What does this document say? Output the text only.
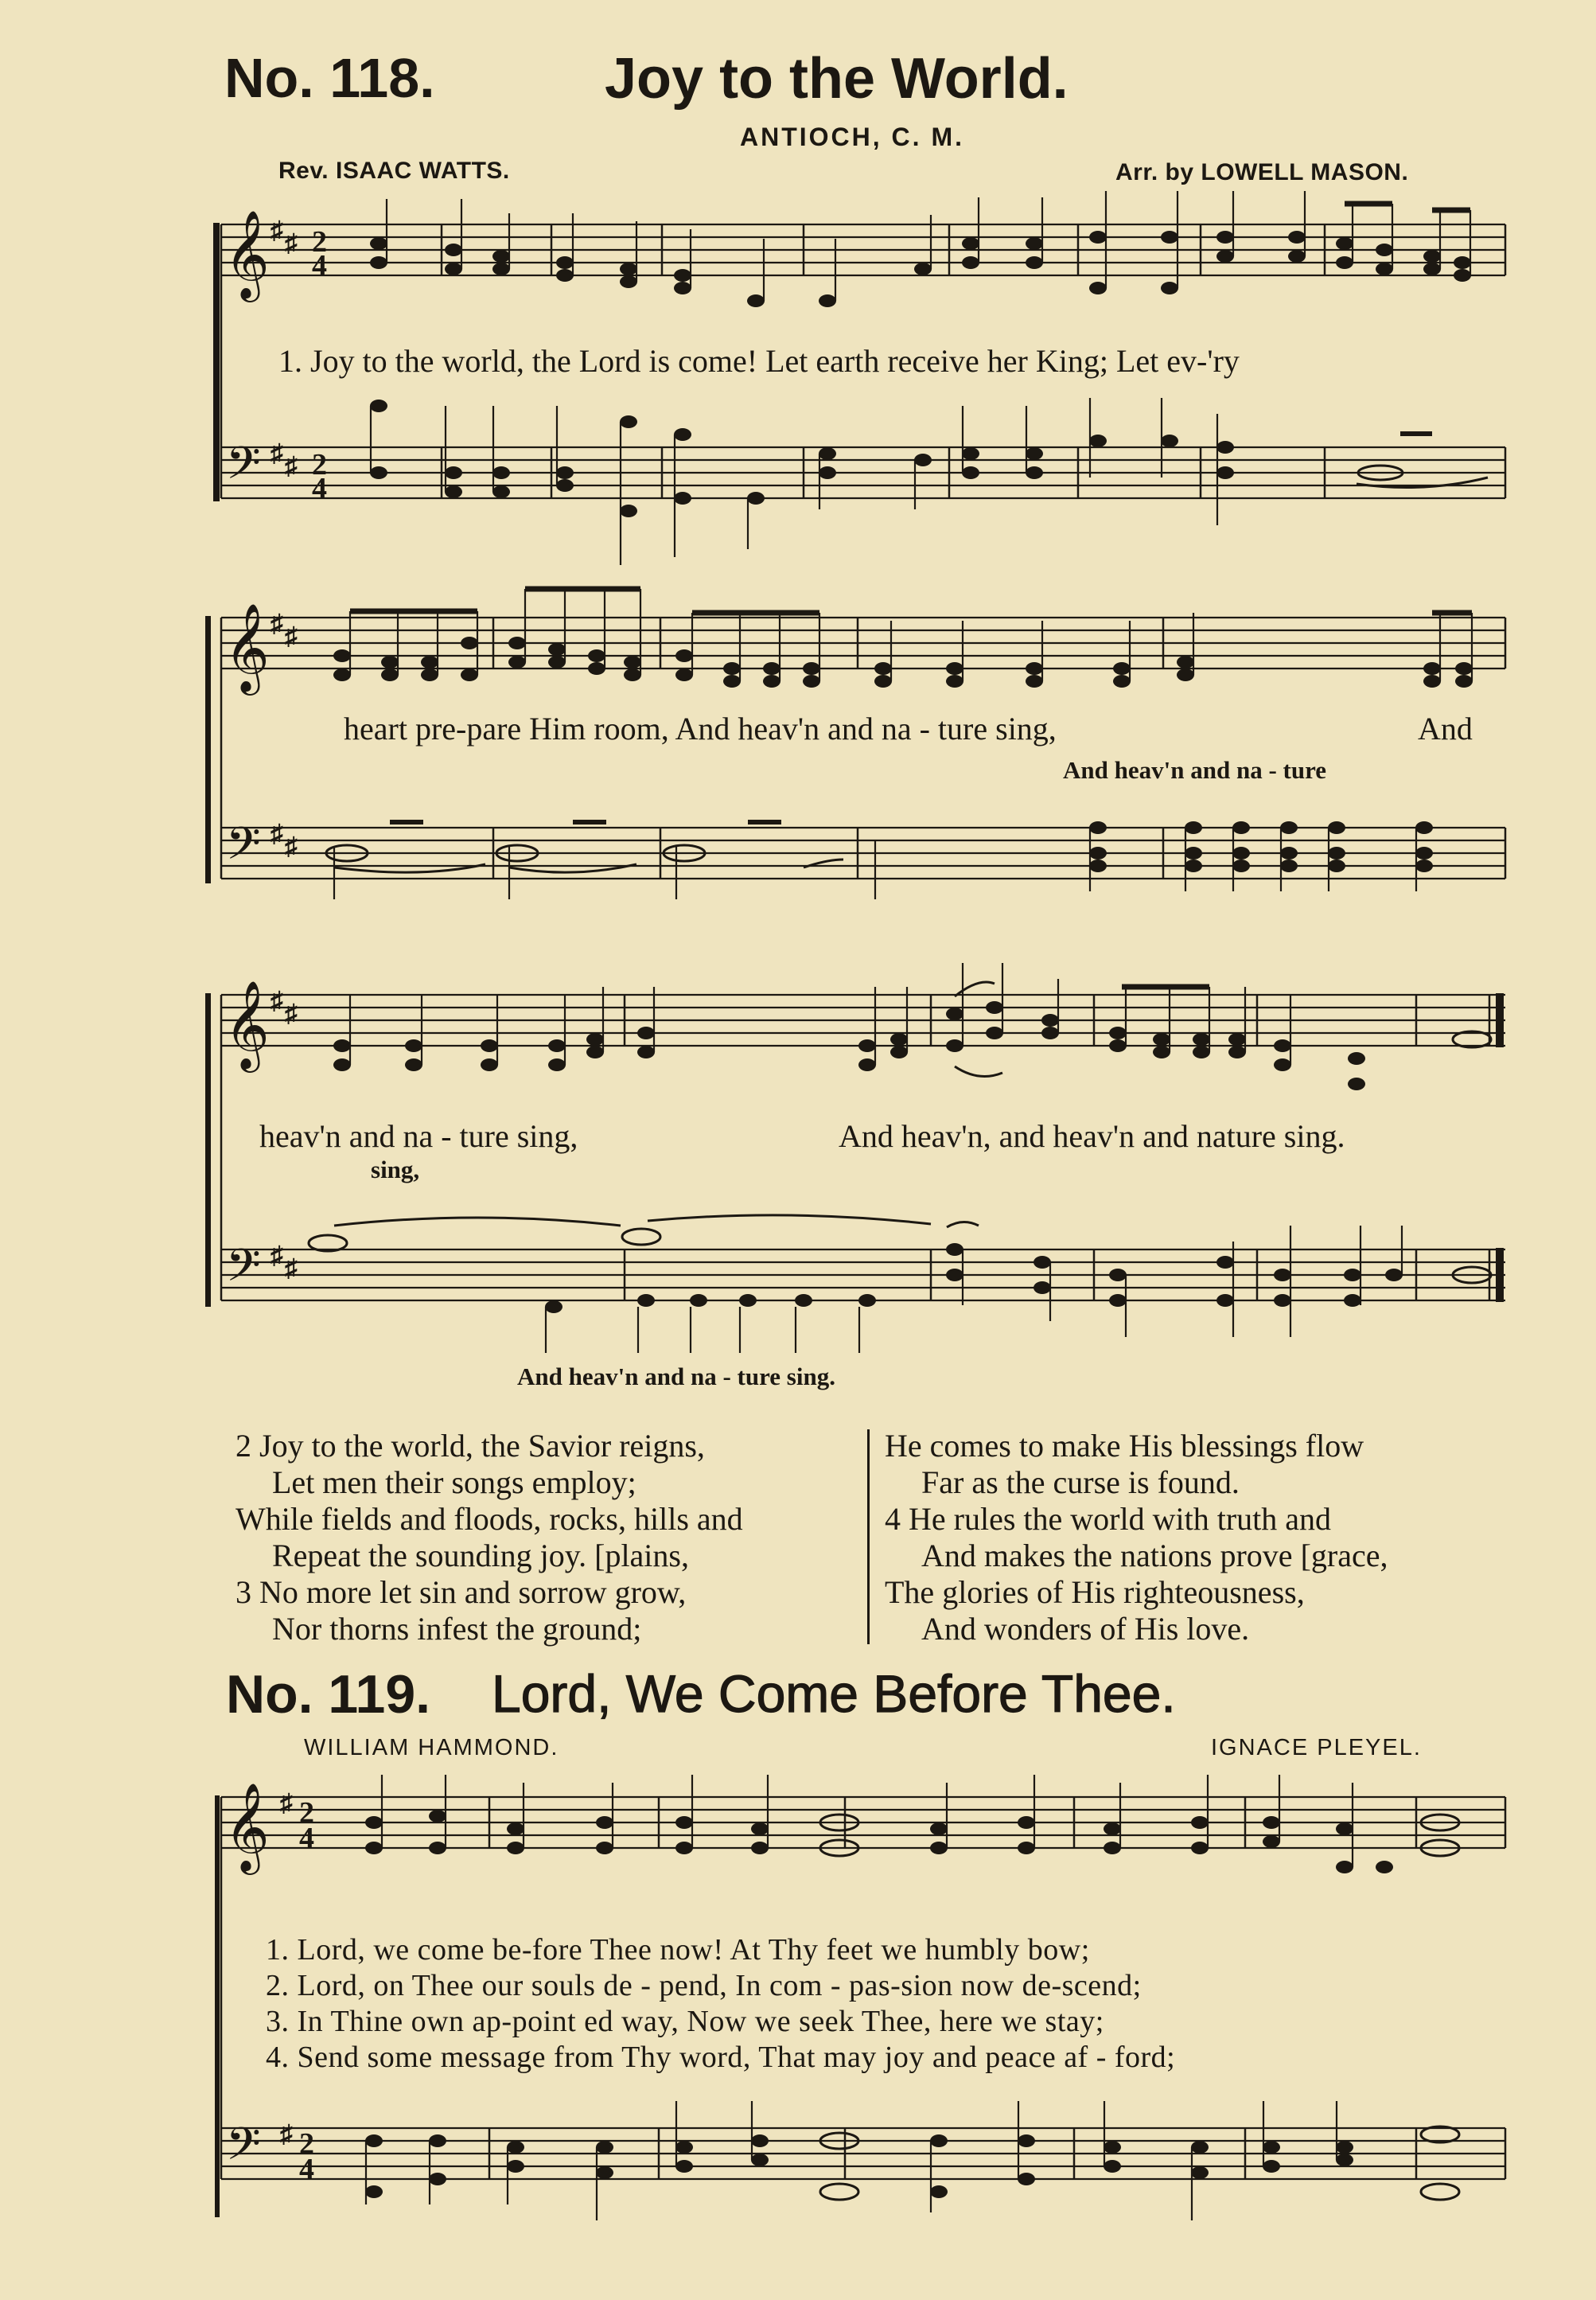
No. 118.	Joy to the World.
ANTIOCH, C. M.
Rev. ISAAC WATTS.	Arr. by LOWELL MASON.
𝄞
𝄢
♯ ♯
♯ ♯
2
4
2
4
1. Joy to the world, the Lord is come! Let earth receive her King; Let ev-'ry
𝄞
𝄢
♯ ♯
♯ ♯
heart pre-pare Him room, And heav'n and na - ture sing,	And
And heav'n and na - ture
𝄞
𝄢
♯ ♯
♯ ♯
heav'n and na - ture sing,
sing,
And heav'n, and heav'n and nature sing.
And heav'n and na - ture sing.
2 Joy to the world, the Savior reigns,
Let men their songs employ;
While fields and floods, rocks, hills and
Repeat the sounding joy. [plains,
3 No more let sin and sorrow grow,
Nor thorns infest the ground;
He comes to make His blessings flow
Far as the curse is found.
4 He rules the world with truth and
And makes the nations prove [grace,
The glories of His righteousness,
And wonders of His love.
No. 119. Lord, We Come Before Thee.
WILLIAM HAMMOND.	IGNACE PLEYEL.
𝄞
𝄢
♯
♯
2
4
2
4
1. Lord, we come be-fore Thee now! At Thy feet we humbly bow;
2. Lord, on Thee our souls de - pend, In com - pas-sion now de-scend;
3. In Thine own ap-point ed way, Now we seek Thee, here we stay;
4. Send some message from Thy word, That may joy and peace af - ford;
